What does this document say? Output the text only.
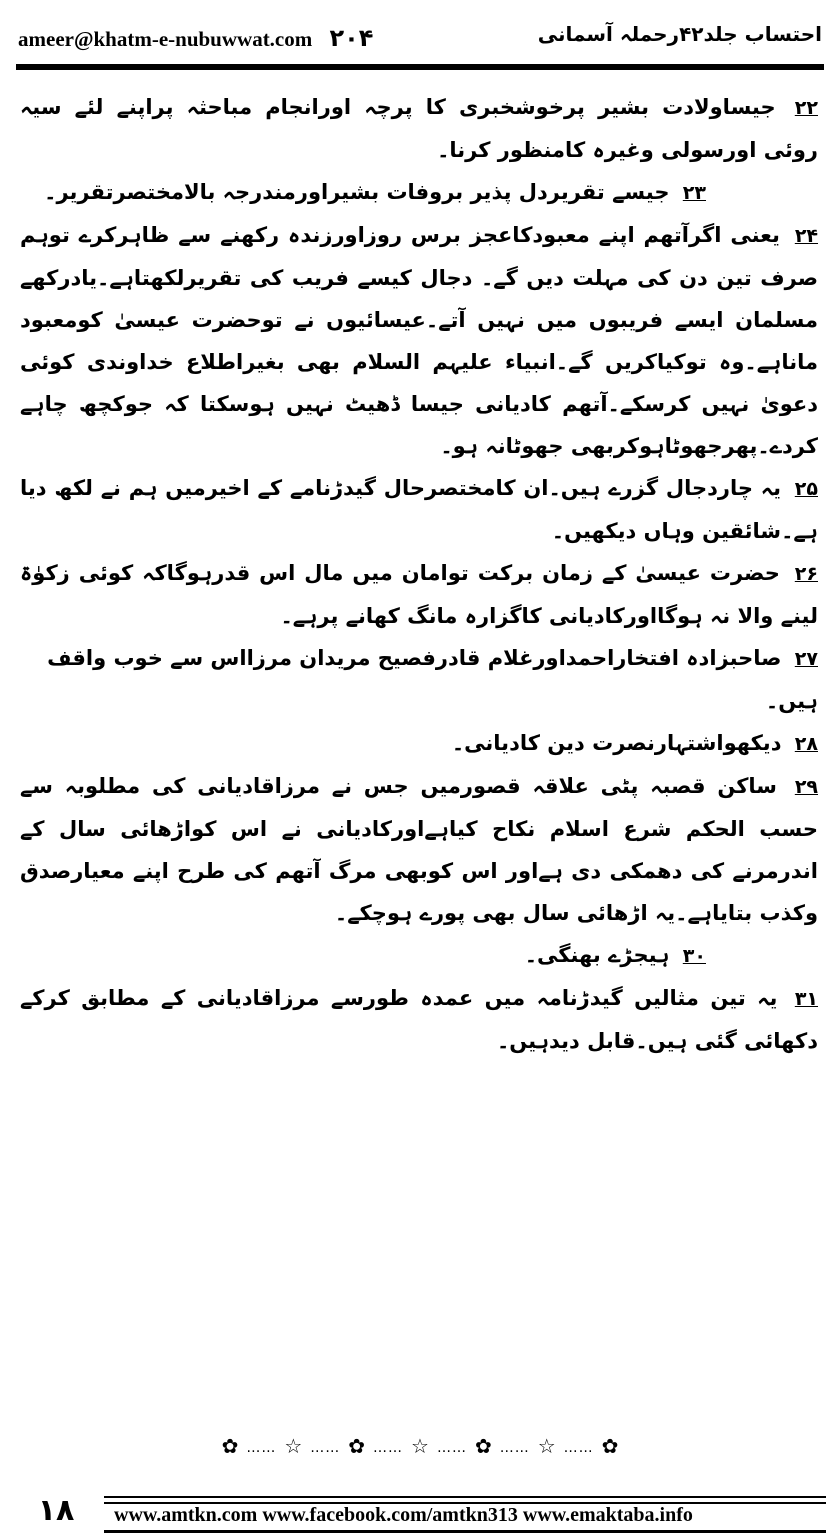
ameer@khatm-e-nubuwwat.com ۲۰۴	احتساب جلد۴۲رحملہ آسمانی

۲۲ جیساولادت بشیر پرخوشخبری کا پرچہ اورانجام مباحثہ پراپنے لئے سیہ روئی اورسولی وغیرہ کامنظور کرنا۔

۲۳ جیسے تقریردل پذیر بروفات بشیراورمندرجہ بالامختصرتقریر۔

۲۴ یعنی اگرآتھم اپنے معبودکاعجز برس روزاورزندہ رکھنے سے ظاہرکرے توہم صرف تین دن کی مہلت دیں گے۔ دجال کیسے فریب کی تقریرلکھتاہے۔یادرکھے مسلمان ایسے فریبوں میں نہیں آتے۔عیسائیوں نے توحضرت عیسیٰ کومعبود ماناہے۔وہ توکیاکریں گے۔انبیاء علیہم السلام بھی بغیراطلاع خداوندی کوئی دعویٰ نہیں کرسکے۔آتھم کادیانی جیسا ڈھیٹ نہیں ہوسکتا کہ جوکچھ چاہے کردے۔پھرجھوٹاہوکربھی جھوٹانہ ہو۔

۲۵ یہ چاردجال گزرے ہیں۔ان کامختصرحال گیدڑنامے کے اخیرمیں ہم نے لکھ دیا ہے۔شائقین وہاں دیکھیں۔

۲۶ حضرت عیسیٰ کے زمان برکت توامان میں مال اس قدرہوگاکہ کوئی زکوٰۃ لینے والا نہ ہوگااورکادیانی کاگزارہ مانگ کھانے پرہے۔

۲۷ صاحبزادہ افتخاراحمداورغلام قادرفصیح مریدان مرزااس سے خوب واقف ہیں۔

۲۸ دیکھواشتہارنصرت دین کادیانی۔

۲۹ ساکن قصبہ پٹی علاقہ قصورمیں جس نے مرزاقادیانی کی مطلوبہ سے حسب الحکم شرع اسلام نکاح کیاہےاورکادیانی نے اس کواڑھائی سال کے اندرمرنے کی دھمکی دی ہےاور اس کوبھی مرگ آتھم کی طرح اپنے معیارصدق وکذب بتایاہے۔یہ اڑھائی سال بھی پورے ہوچکے۔

۳۰ ہیجڑے بھنگی۔

۳۱ یہ تین مثالیں گیدڑنامہ میں عمدہ طورسے مرزاقادیانی کے مطابق کرکے دکھائی گئی ہیں۔قابل دیدہیں۔

✿ …… ☆ …… ✿ …… ☆ …… ✿ …… ☆ …… ✿
۱۸	www.amtkn.com www.facebook.com/amtkn313 www.emaktaba.info
